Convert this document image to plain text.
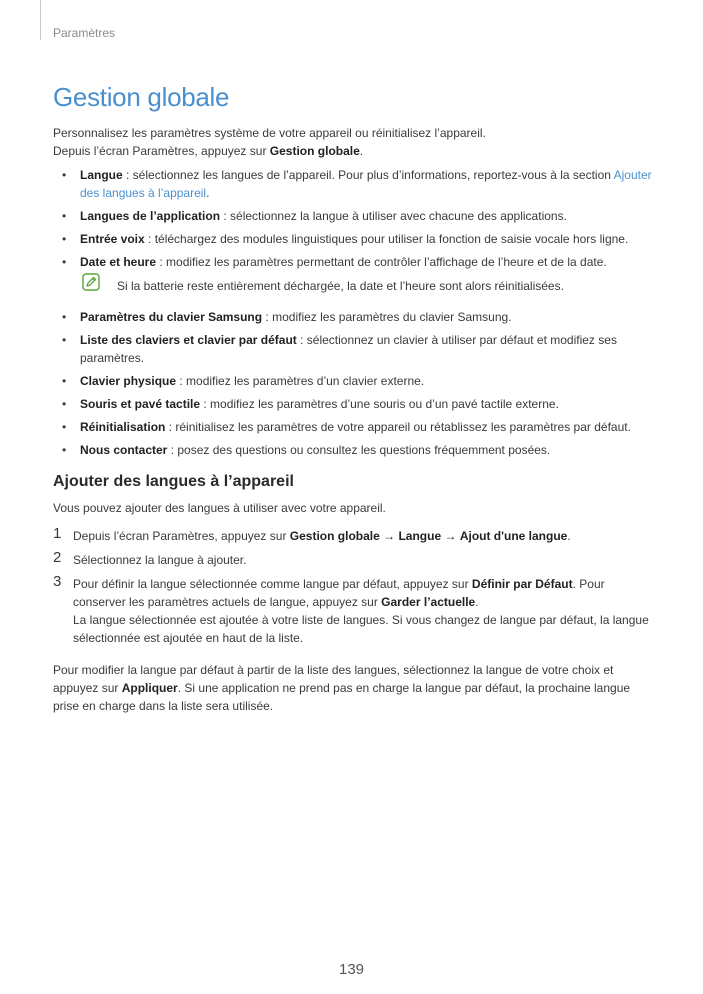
Paramètres
Gestion globale

Personnalisez les paramètres système de votre appareil ou réinitialisez l’appareil.

Depuis l’écran Paramètres, appuyez sur Gestion globale.

• Langue : sélectionnez les langues de l’appareil. Pour plus d’informations, reportez-vous à la section Ajouter des langues à l’appareil.
• Langues de l’application : sélectionnez la langue à utiliser avec chacune des applications.
• Entrée voix : téléchargez des modules linguistiques pour utiliser la fonction de saisie vocale hors ligne.
• Date et heure : modifiez les paramètres permettant de contrôler l’affichage de l’heure et de la date.
Si la batterie reste entièrement déchargée, la date et l’heure sont alors réinitialisées.
• Paramètres du clavier Samsung : modifiez les paramètres du clavier Samsung.
• Liste des claviers et clavier par défaut : sélectionnez un clavier à utiliser par défaut et modifiez ses paramètres.
• Clavier physique : modifiez les paramètres d’un clavier externe.
• Souris et pavé tactile : modifiez les paramètres d’une souris ou d’un pavé tactile externe.
• Réinitialisation : réinitialisez les paramètres de votre appareil ou rétablissez les paramètres par défaut.
• Nous contacter : posez des questions ou consultez les questions fréquemment posées.
Ajouter des langues à l’appareil

Vous pouvez ajouter des langues à utiliser avec votre appareil.

1 Depuis l’écran Paramètres, appuyez sur Gestion globale → Langue → Ajout d'une langue.
2 Sélectionnez la langue à ajouter.
3 Pour définir la langue sélectionnée comme langue par défaut, appuyez sur Définir par Défaut. Pour conserver les paramètres actuels de langue, appuyez sur Garder l’actuelle.
La langue sélectionnée est ajoutée à votre liste de langues. Si vous changez de langue par défaut, la langue sélectionnée est ajoutée en haut de la liste.

Pour modifier la langue par défaut à partir de la liste des langues, sélectionnez la langue de votre choix et appuyez sur Appliquer. Si une application ne prend pas en charge la langue par défaut, la prochaine langue prise en charge dans la liste sera utilisée.

139
